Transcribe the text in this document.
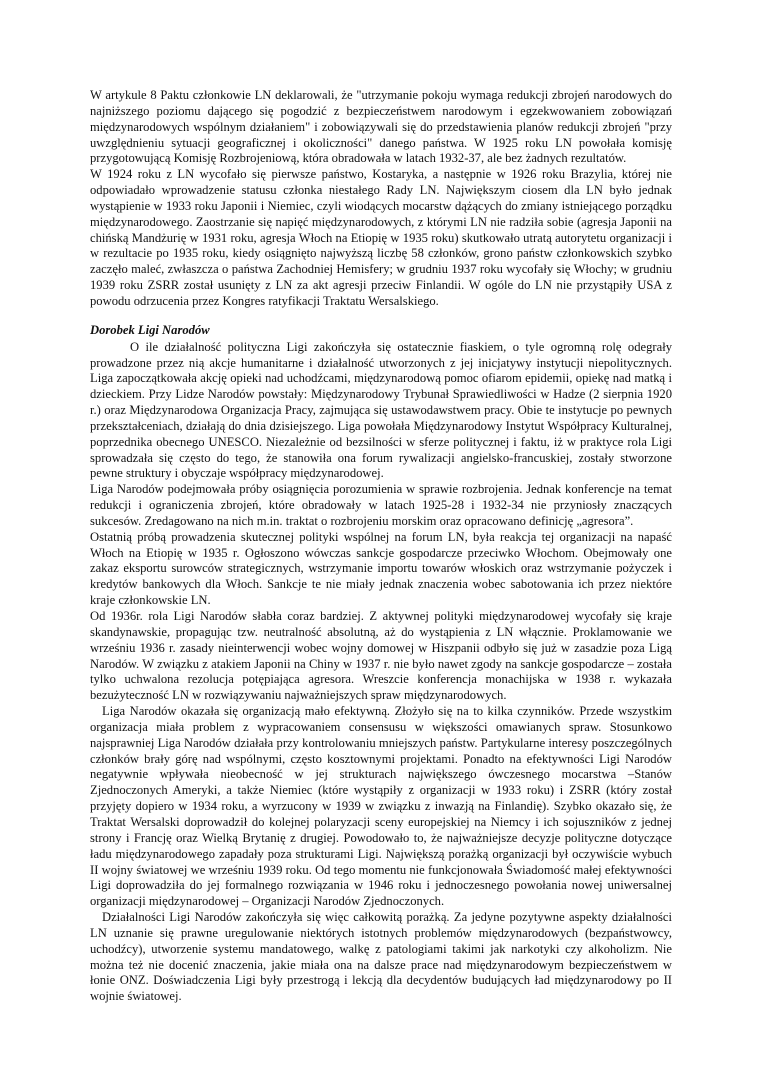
W artykule 8 Paktu członkowie LN deklarowali, że "utrzymanie pokoju wymaga redukcji zbrojeń narodowych do najniższego poziomu dającego się pogodzić z bezpieczeństwem narodowym i egzekwowaniem zobowiązań międzynarodowych wspólnym działaniem" i zobowiązywali się do przedstawienia planów redukcji zbrojeń "przy uwzględnieniu sytuacji geograficznej i okoliczności" danego państwa. W 1925 roku LN powołała komisję przygotowującą Komisję Rozbrojeniową, która obradowała w latach 1932-37, ale bez żadnych rezultatów.

W 1924 roku z LN wycofało się pierwsze państwo, Kostaryka, a następnie w 1926 roku Brazylia, której nie odpowiadało wprowadzenie statusu członka niestałego Rady LN. Największym ciosem dla LN było jednak wystąpienie w 1933 roku Japonii i Niemiec, czyli wiodących mocarstw dążących do zmiany istniejącego porządku międzynarodowego. Zaostrzanie się napięć międzynarodowych, z którymi LN nie radziła sobie (agresja Japonii na chińską Mandżurię w 1931 roku, agresja Włoch na Etiopię w 1935 roku) skutkowało utratą autorytetu organizacji i w rezultacie po 1935 roku, kiedy osiągnięto najwyższą liczbę 58 członków, grono państw członkowskich szybko zaczęło maleć, zwłaszcza o państwa Zachodniej Hemisfery; w grudniu 1937 roku wycofały się Włochy; w grudniu 1939 roku ZSRR został usunięty z LN za akt agresji przeciw Finlandii. W ogóle do LN nie przystąpiły USA z powodu odrzucenia przez Kongres ratyfikacji Traktatu Wersalskiego.

Dorobek Ligi Narodów

O ile działalność polityczna Ligi zakończyła się ostatecznie fiaskiem, o tyle ogromną rolę odegrały prowadzone przez nią akcje humanitarne i działalność utworzonych z jej inicjatywy instytucji niepolitycznych. Liga zapoczątkowała akcję opieki nad uchodźcami, międzynarodową pomoc ofiarom epidemii, opiekę nad matką i dzieckiem. Przy Lidze Narodów powstały: Międzynarodowy Trybunał Sprawiedliwości w Hadze (2 sierpnia 1920 r.) oraz Międzynarodowa Organizacja Pracy, zajmująca się ustawodawstwem pracy. Obie te instytucje po pewnych przekształceniach, działają do dnia dzisiejszego. Liga powołała Międzynarodowy Instytut Współpracy Kulturalnej, poprzednika obecnego UNESCO. Niezależnie od bezsilności w sferze politycznej i faktu, iż w praktyce rola Ligi sprowadzała się często do tego, że stanowiła ona forum rywalizacji angielsko-francuskiej, zostały stworzone pewne struktury i obyczaje współpracy międzynarodowej.

Liga Narodów podejmowała próby osiągnięcia porozumienia w sprawie rozbrojenia. Jednak konferencje na temat redukcji i ograniczenia zbrojeń, które obradowały w latach 1925-28 i 1932-34 nie przyniosły znaczących sukcesów. Zredagowano na nich m.in. traktat o rozbrojeniu morskim oraz opracowano definicję „agresora”.

Ostatnią próbą prowadzenia skutecznej polityki wspólnej na forum LN, była reakcja tej organizacji na napaść Włoch na Etiopię w 1935 r. Ogłoszono wówczas sankcje gospodarcze przeciwko Włochom. Obejmowały one zakaz eksportu surowców strategicznych, wstrzymanie importu towarów włoskich oraz wstrzymanie pożyczek i kredytów bankowych dla Włoch. Sankcje te nie miały jednak znaczenia wobec sabotowania ich przez niektóre kraje członkowskie LN.

Od 1936r. rola Ligi Narodów słabła coraz bardziej. Z aktywnej polityki międzynarodowej wycofały się kraje skandynawskie, propagując tzw. neutralność absolutną, aż do wystąpienia z LN włącznie. Proklamowanie we wrześniu 1936 r. zasady nieinterwencji wobec wojny domowej w Hiszpanii odbyło się już w zasadzie poza Ligą Narodów. W związku z atakiem Japonii na Chiny w 1937 r. nie było nawet zgody na sankcje gospodarcze – została tylko uchwalona rezolucja potępiająca agresora. Wreszcie konferencja monachijska w 1938 r. wykazała bezużyteczność LN w rozwiązywaniu najważniejszych spraw międzynarodowych.

Liga Narodów okazała się organizacją mało efektywną. Złożyło się na to kilka czynników. Przede wszystkim organizacja miała problem z wypracowaniem consensusu w większości omawianych spraw. Stosunkowo najsprawniej Liga Narodów działała przy kontrolowaniu mniejszych państw. Partykularne interesy poszczególnych członków brały górę nad wspólnymi, często kosztownymi projektami. Ponadto na efektywności Ligi Narodów negatywnie wpływała nieobecność w jej strukturach największego ówczesnego mocarstwa –Stanów Zjednoczonych Ameryki, a także Niemiec (które wystąpiły z organizacji w 1933 roku) i ZSRR (który został przyjęty dopiero w 1934 roku, a wyrzucony w 1939 w związku z inwazją na Finlandię). Szybko okazało się, że Traktat Wersalski doprowadził do kolejnej polaryzacji sceny europejskiej na Niemcy i ich sojuszników z jednej strony i Francję oraz Wielką Brytanię z drugiej. Powodowało to, że najważniejsze decyzje polityczne dotyczące ładu międzynarodowego zapadały poza strukturami Ligi. Największą porażką organizacji był oczywiście wybuch II wojny światowej we wrześniu 1939 roku. Od tego momentu nie funkcjonowała Świadomość małej efektywności Ligi doprowadziła do jej formalnego rozwiązania w 1946 roku i jednoczesnego powołania nowej uniwersalnej organizacji międzynarodowej – Organizacji Narodów Zjednoczonych.

Działalności Ligi Narodów zakończyła się więc całkowitą porażką. Za jedyne pozytywne aspekty działalności LN uznanie się prawne uregulowanie niektórych istotnych problemów międzynarodowych (bezpaństwowcy, uchodźcy), utworzenie systemu mandatowego, walkę z patologiami takimi jak narkotyki czy alkoholizm. Nie można też nie docenić znaczenia, jakie miała ona na dalsze prace nad międzynarodowym bezpieczeństwem w łonie ONZ. Doświadczenia Ligi były przestrogą i lekcją dla decydentów budujących ład międzynarodowy po II wojnie światowej.
